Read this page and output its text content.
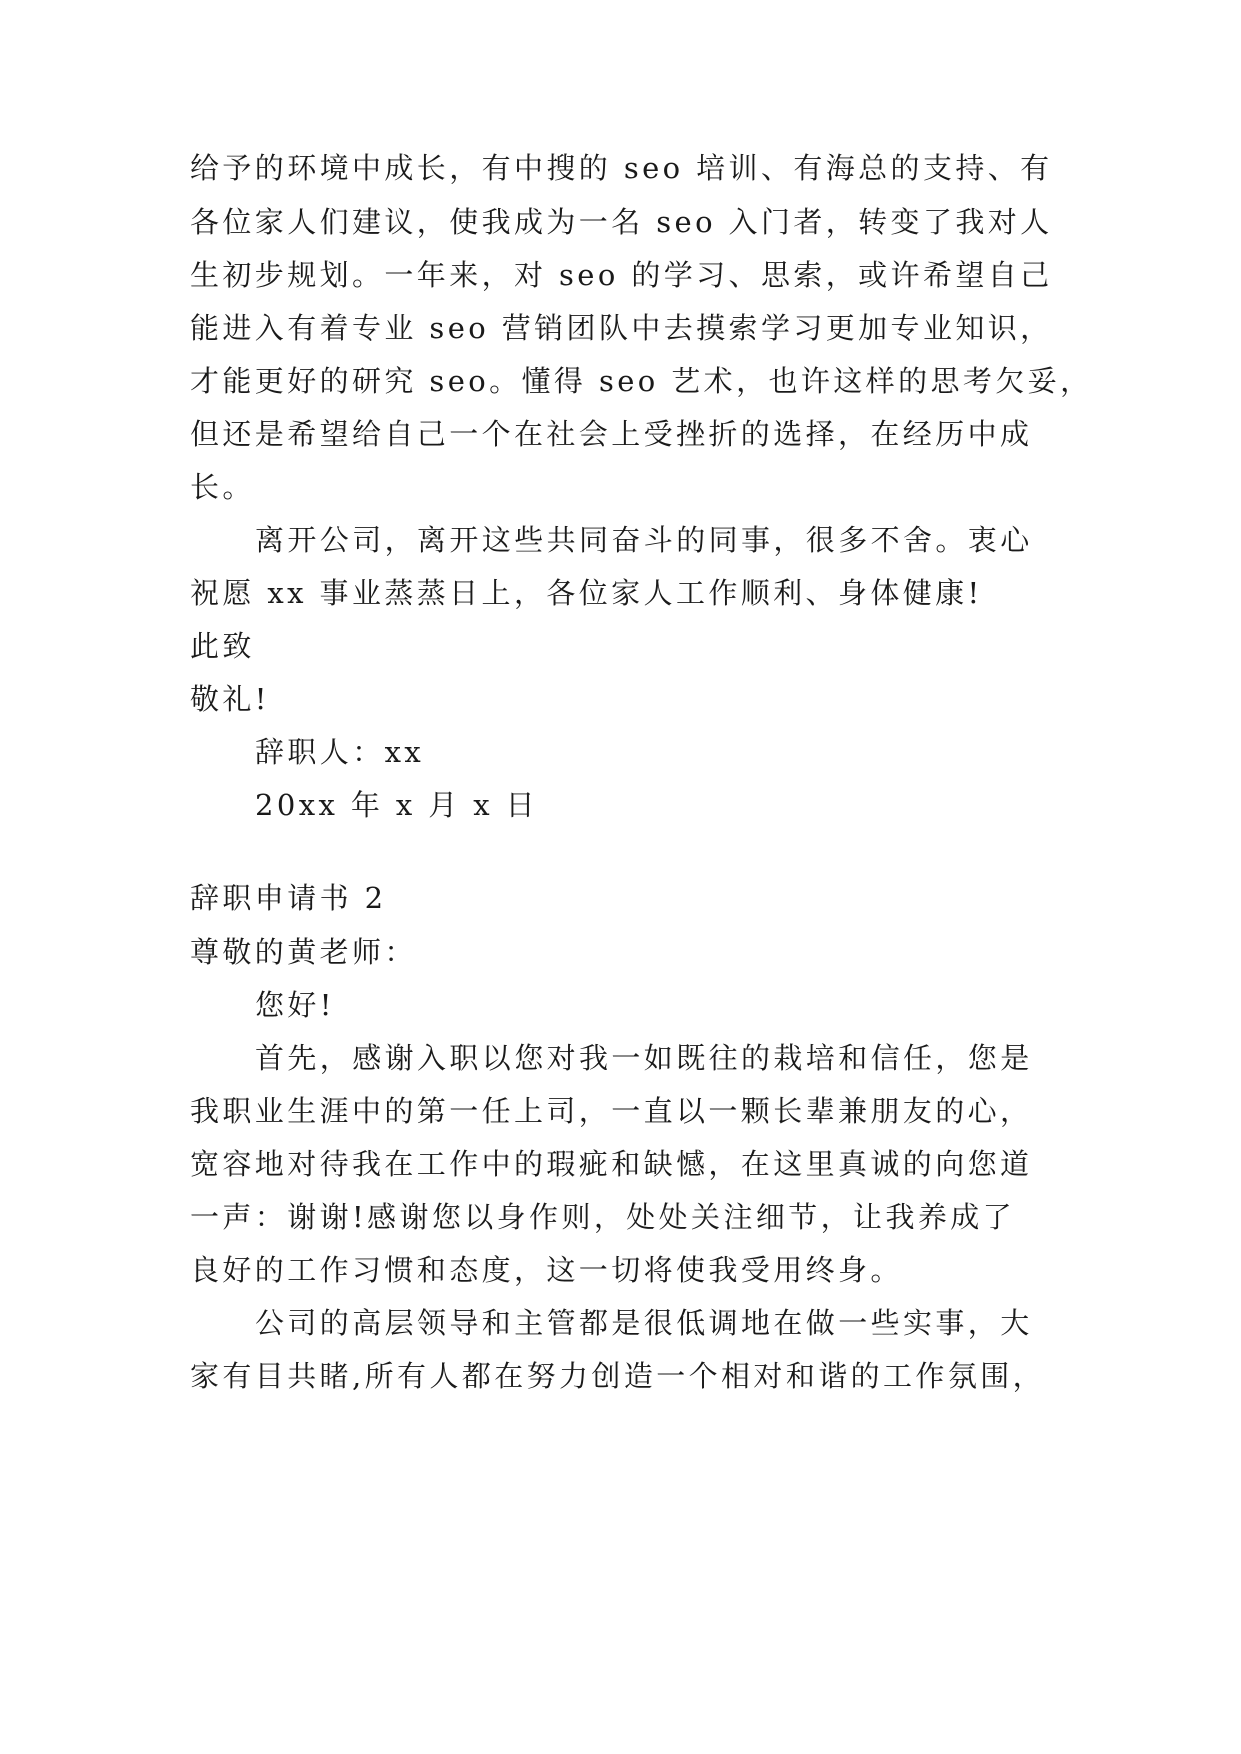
给予的环境中成长，有中搜的 seo 培训、有海总的支持、有
各位家人们建议，使我成为一名 seo 入门者，转变了我对人
生初步规划。一年来，对 seo 的学习、思索，或许希望自己
能进入有着专业 seo 营销团队中去摸索学习更加专业知识，
才能更好的研究 seo。懂得 seo 艺术，也许这样的思考欠妥，
但还是希望给自己一个在社会上受挫折的选择，在经历中成
长。
离开公司，离开这些共同奋斗的同事，很多不舍。衷心
祝愿 xx 事业蒸蒸日上，各位家人工作顺利、身体健康!
此致
敬礼!
辞职人：xx
20xx 年 x 月 x 日
辞职申请书 2
尊敬的黄老师：
您好!
首先，感谢入职以您对我一如既往的栽培和信任，您是
我职业生涯中的第一任上司，一直以一颗长辈兼朋友的心，
宽容地对待我在工作中的瑕疵和缺憾，在这里真诚的向您道
一声：谢谢!感谢您以身作则，处处关注细节，让我养成了
良好的工作习惯和态度，这一切将使我受用终身。
公司的高层领导和主管都是很低调地在做一些实事，大
家有目共睹,所有人都在努力创造一个相对和谐的工作氛围，
